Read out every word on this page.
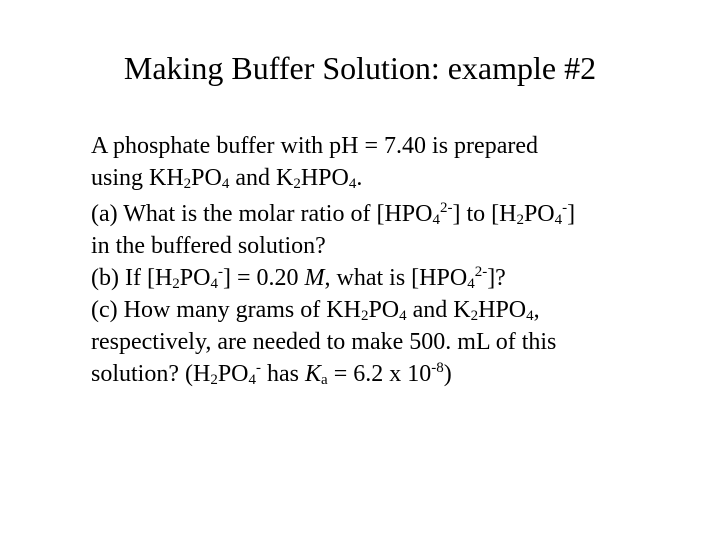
Making Buffer Solution: example #2

A phosphate buffer with pH = 7.40 is prepared
using $KH_2PO_4$ and $K_2HPO_4$.

(a) What is the molar ratio of $[HPO_4^{2-}]$ to $[H_2PO_4^-]$
in the buffered solution?
(b) If $[H_2PO_4^-] = 0.20$ M, what is $[HPO_4^{2-}]$?
(c) How many grams of $KH_2PO_4$ and $K_2HPO_4$,
respectively, are needed to make 500. mL of this
solution? ($H_2PO_4^-$ has $K_a = 6.2$ x $10^{-8}$)
